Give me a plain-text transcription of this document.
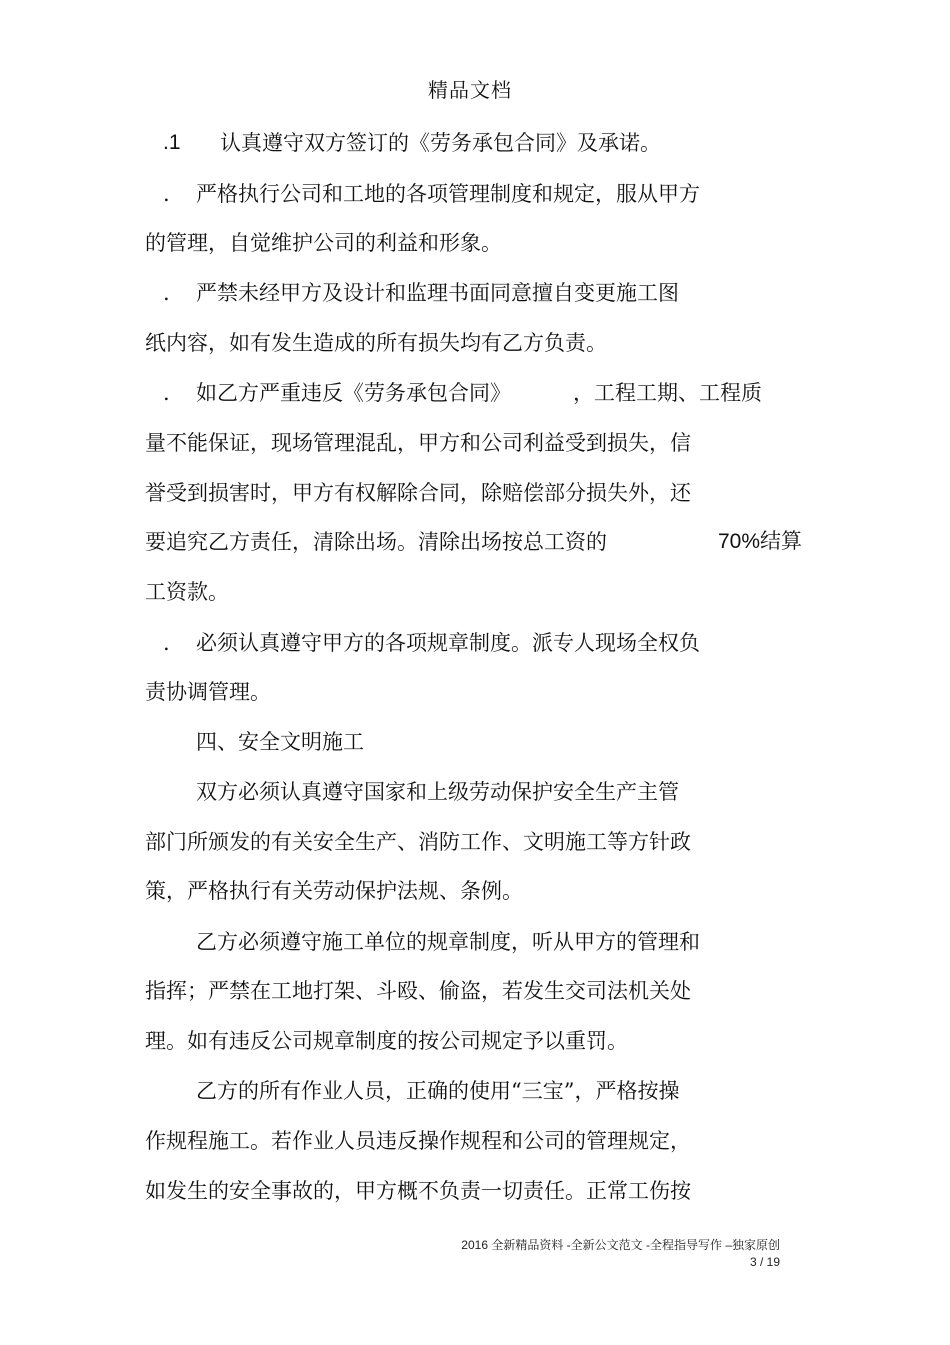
精品文档
.1 认真遵守双方签订的《劳务承包合同》及承诺。
. 严格执行公司和工地的各项管理制度和规定，服从甲方
的管理，自觉维护公司的利益和形象。
. 严禁未经甲方及设计和监理书面同意擅自变更施工图
纸内容，如有发生造成的所有损失均有乙方负责。
. 如乙方严重违反《劳务承包合同》	，工程工期、工程质
量不能保证，现场管理混乱，甲方和公司利益受到损失，信
誉受到损害时，甲方有权解除合同，除赔偿部分损失外，还
要追究乙方责任，清除出场。清除出场按总工资的	70%结算
工资款。
. 必须认真遵守甲方的各项规章制度。派专人现场全权负
责协调管理。
四、安全文明施工
双方必须认真遵守国家和上级劳动保护安全生产主管
部门所颁发的有关安全生产、消防工作、文明施工等方针政
策，严格执行有关劳动保护法规、条例。
乙方必须遵守施工单位的规章制度，听从甲方的管理和
指挥；严禁在工地打架、斗殴、偷盗，若发生交司法机关处
理。如有违反公司规章制度的按公司规定予以重罚。
乙方的所有作业人员，正确的使用“三宝”，严格按操
作规程施工。若作业人员违反操作规程和公司的管理规定，
如发生的安全事故的，甲方概不负责一切责任。正常工伤按
2016 全新精品资料 -全新公文范文 -全程指导写作 –独家原创
3 / 19
